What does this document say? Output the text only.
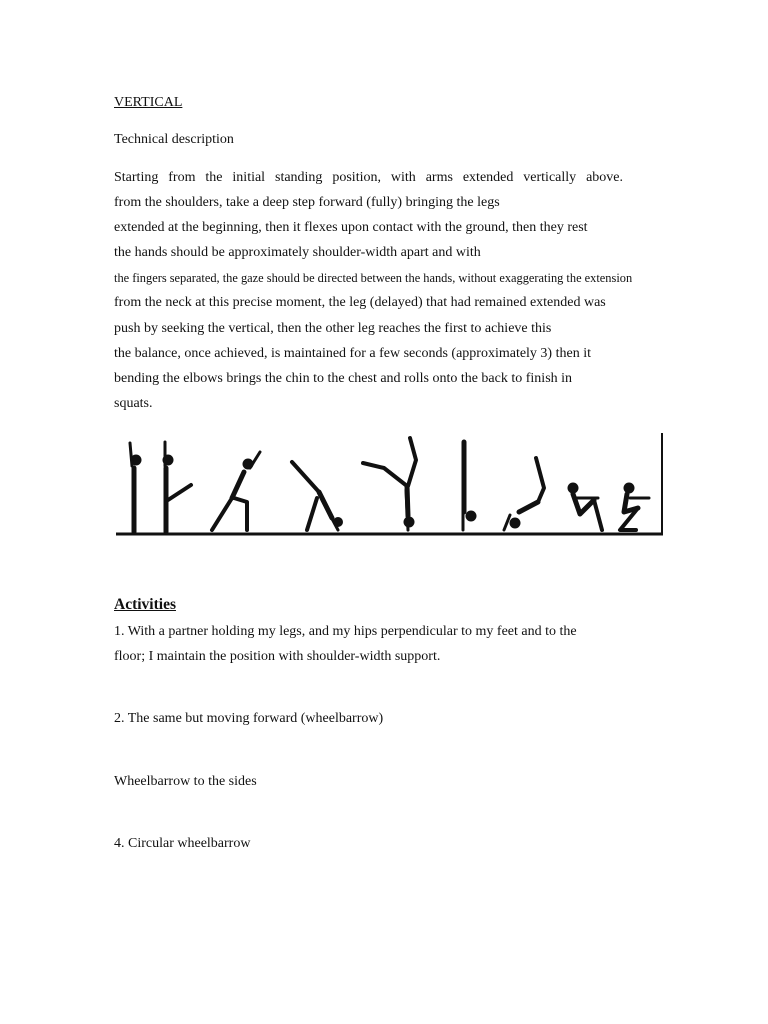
VERTICAL
Technical description
Starting from the initial standing position, with arms extended vertically above.
from the shoulders, take a deep step forward (fully) bringing the legs
extended at the beginning, then it flexes upon contact with the ground, then they rest
the hands should be approximately shoulder-width apart and with
the fingers separated, the gaze should be directed between the hands, without exaggerating the extension
from the neck at this precise moment, the leg (delayed) that had remained extended was
push by seeking the vertical, then the other leg reaches the first to achieve this
the balance, once achieved, is maintained for a few seconds (approximately 3) then it
bending the elbows brings the chin to the chest and rolls onto the back to finish in
squats.
Activities
1. With a partner holding my legs, and my hips perpendicular to my feet and to the
floor; I maintain the position with shoulder-width support.
2. The same but moving forward (wheelbarrow)
Wheelbarrow to the sides
4. Circular wheelbarrow
